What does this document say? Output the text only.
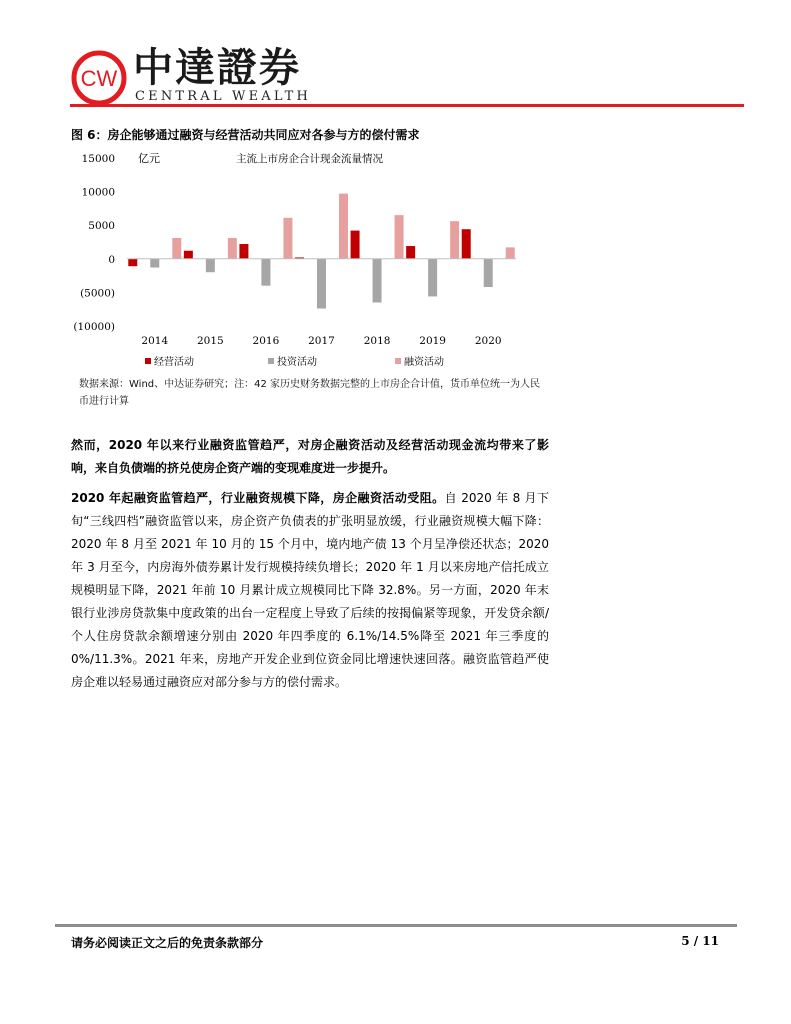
CW 中達證券
CENTRAL WEALTH
图 6：房企能够通过融资与经营活动共同应对各参与方的偿付需求
15000
10000
5000
0
(5000)
(10000)
亿元	主流上市房企合计现金流量情况
2014	2015	2016	2017	2018	2019	2020
经营活动	投资活动	融资活动
数据来源：Wind、中达证券研究；注：42 家历史财务数据完整的上市房企合计值，货币单位统一为人民币进行计算
然而，2020 年以来行业融资监管趋严，对房企融资活动及经营活动现金流均带来了影响，来自负债端的挤兑使房企资产端的变现难度进一步提升。
2020 年起融资监管趋严，行业融资规模下降，房企融资活动受阻。自 2020 年 8 月下旬“三线四档”融资监管以来，房企资产负债表的扩张明显放缓，行业融资规模大幅下降：2020 年 8 月至 2021 年 10 月的 15 个月中，境内地产债 13 个月呈净偿还状态；2020 年 3 月至今，内房海外债券累计发行规模持续负增长；2020 年 1 月以来房地产信托成立规模明显下降，2021 年前 10 月累计成立规模同比下降 32.8%。另一方面，2020 年末银行业涉房贷款集中度政策的出台一定程度上导致了后续的按揭偏紧等现象，开发贷余额/个人住房贷款余额增速分别由 2020 年四季度的 6.1%/14.5%降至 2021 年三季度的 0%/11.3%。2021 年来，房地产开发企业到位资金同比增速快速回落。融资监管趋严使房企难以轻易通过融资应对部分参与方的偿付需求。
请务必阅读正文之后的免责条款部分	5 / 11
